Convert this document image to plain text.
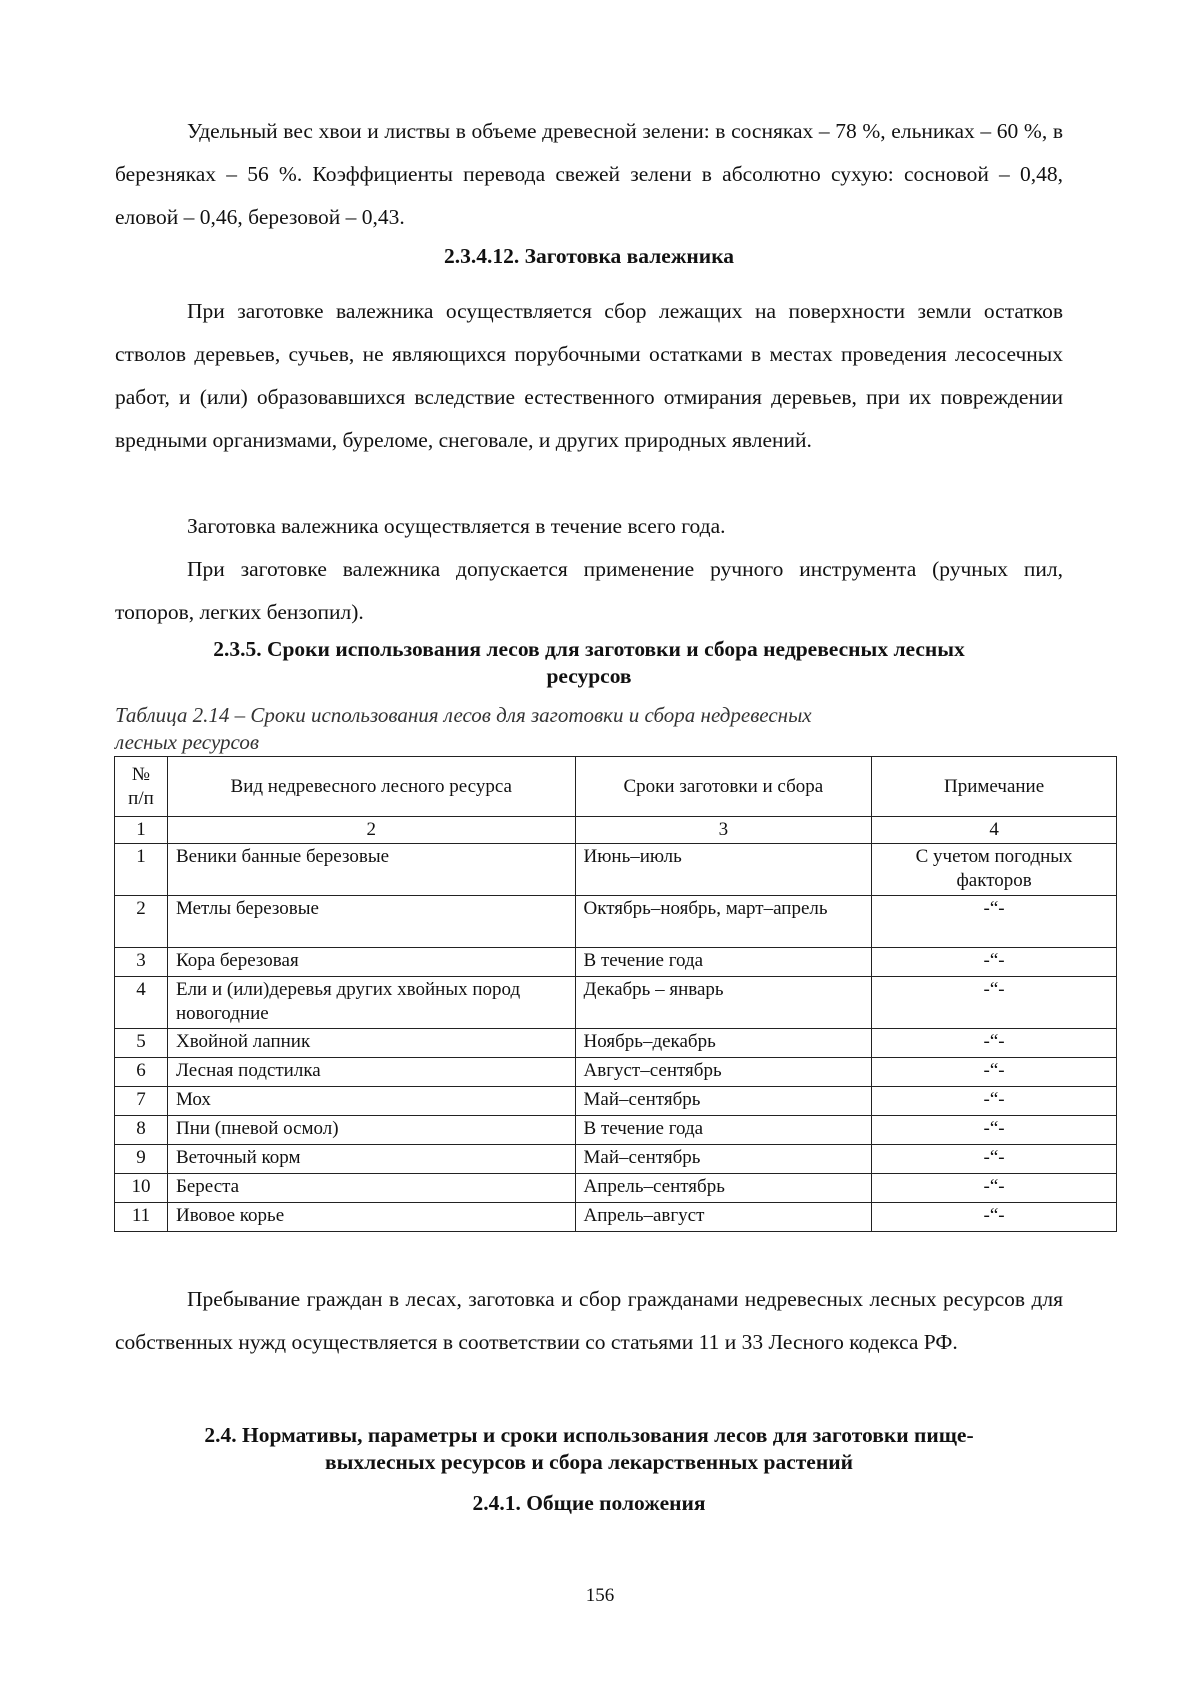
Удельный вес хвои и листвы в объеме древесной зелени: в сосняках – 78 %, ельниках – 60 %, в березняках – 56 %. Коэффициенты перевода свежей зелени в абсолютно сухую: сосновой – 0,48, еловой – 0,46, березовой – 0,43.

2.3.4.12. Заготовка валежника

При заготовке валежника осуществляется сбор лежащих на поверхности земли остатков стволов деревьев, сучьев, не являющихся порубочными остатками в местах проведения лесосечных работ, и (или) образовавшихся вследствие естественного отмирания деревьев, при их повреждении вредными организмами, буреломе, снеговале, и других природных явлений.

Заготовка валежника осуществляется в течение всего года.

При заготовке валежника допускается применение ручного инструмента (ручных пил, топоров, легких бензопил).

2.3.5. Сроки использования лесов для заготовки и сбора недревесных лесных
ресурсов
Таблица 2.14 – Сроки использования лесов для заготовки и сбора недревесных
лесных ресурсов
№
п/п	Вид недревесного лесного ресурса	Сроки заготовки и сбора	Примечание
1	2	3	4
1	Веники банные березовые	Июнь–июль	С учетом погодных факторов
2	Метлы березовые	Октябрь–ноябрь, март–апрель	-“-
3	Кора березовая	В течение года	-“-
4	Ели и (или)деревья других хвойных пород новогодние	Декабрь – январь	-“-
5	Хвойной лапник	Ноябрь–декабрь	-“-
6	Лесная подстилка	Август–сентябрь	-“-
7	Мох	Май–сентябрь	-“-
8	Пни (пневой осмол)	В течение года	-“-
9	Веточный корм	Май–сентябрь	-“-
10	Береста	Апрель–сентябрь	-“-
11	Ивовое корье	Апрель–август	-“-

Пребывание граждан в лесах, заготовка и сбор гражданами недревесных лесных ресурсов для собственных нужд осуществляется в соответствии со статьями 11 и 33 Лесного кодекса РФ.

2.4. Нормативы, параметры и сроки использования лесов для заготовки пище-
выхлесных ресурсов и сбора лекарственных растений

2.4.1. Общие положения

156
